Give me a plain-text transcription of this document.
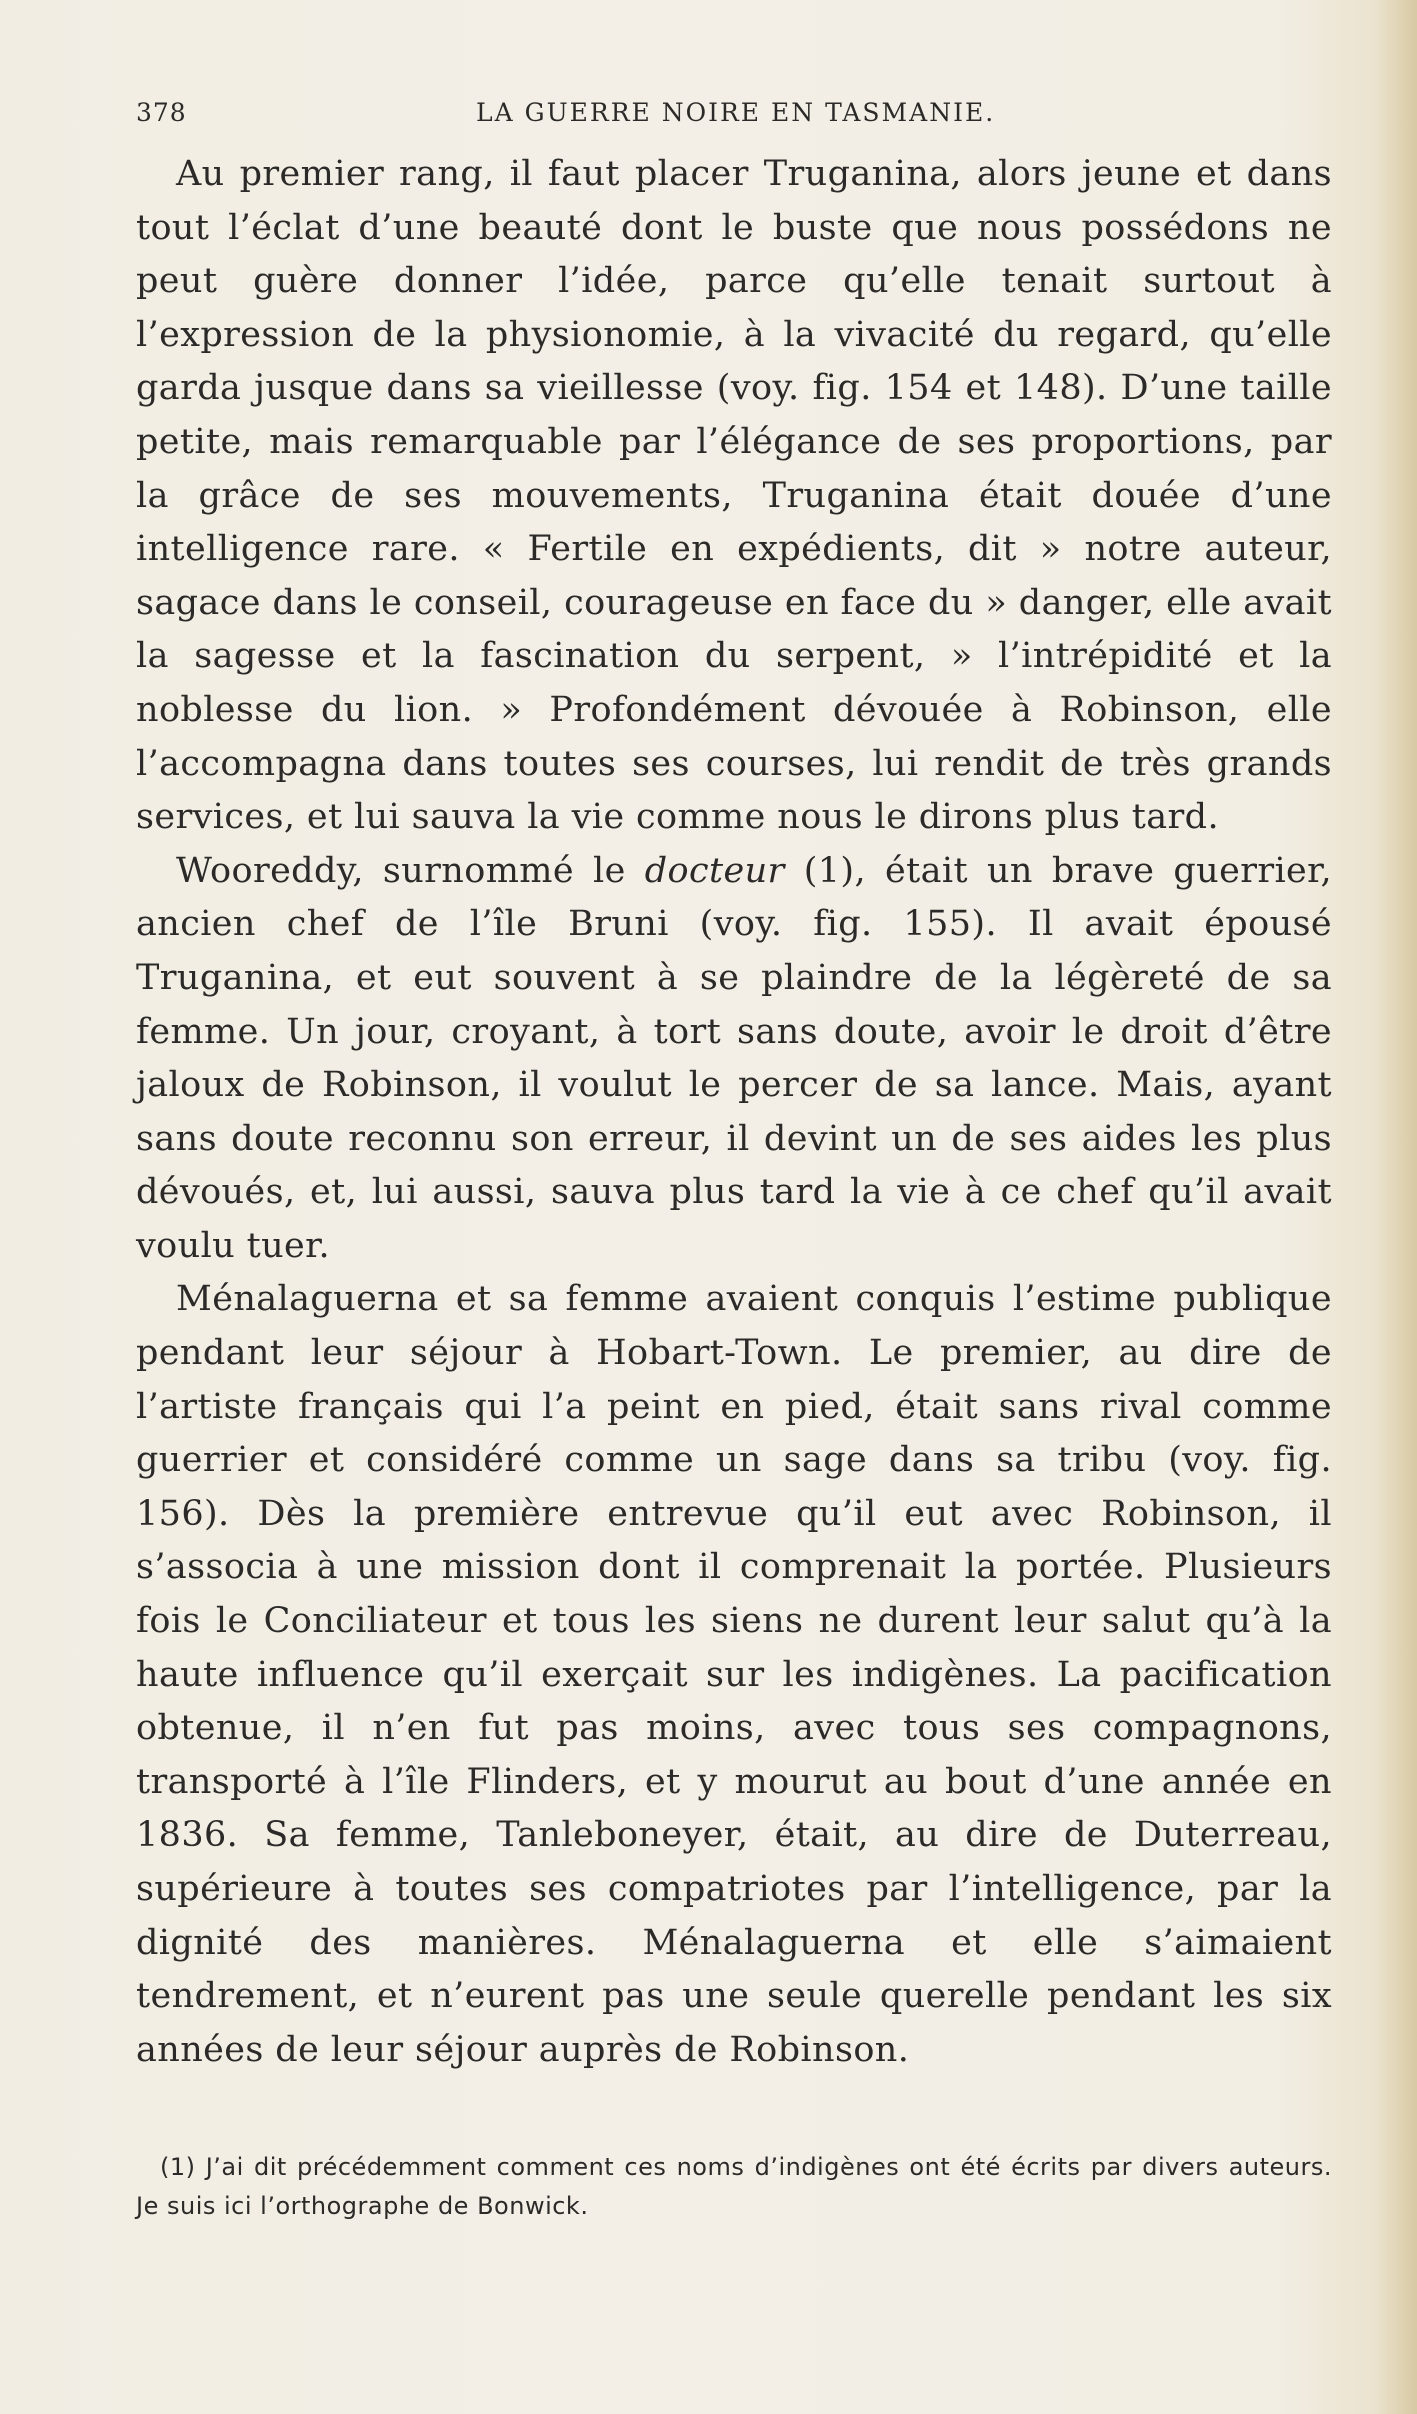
378	LA GUERRE NOIRE EN TASMANIE.

Au premier rang, il faut placer Truganina, alors jeune et dans tout l’éclat d’une beauté dont le buste que nous possédons ne peut guère donner l’idée, parce qu’elle tenait surtout à l’expression de la physionomie, à la vivacité du regard, qu’elle garda jusque dans sa vieillesse (voy. fig. 154 et 148). D’une taille petite, mais remarquable par l’élégance de ses proportions, par la grâce de ses mouvements, Truganina était douée d’une intelligence rare. « Fertile en expédients, dit » notre auteur, sagace dans le conseil, courageuse en face du » danger, elle avait la sagesse et la fascination du serpent, » l’intrépidité et la noblesse du lion. » Profondément dévouée à Robinson, elle l’accompagna dans toutes ses courses, lui rendit de très grands services, et lui sauva la vie comme nous le dirons plus tard.

Wooreddy, surnommé le docteur (1), était un brave guerrier, ancien chef de l’île Bruni (voy. fig. 155). Il avait épousé Truganina, et eut souvent à se plaindre de la légèreté de sa femme. Un jour, croyant, à tort sans doute, avoir le droit d’être jaloux de Robinson, il voulut le percer de sa lance. Mais, ayant sans doute reconnu son erreur, il devint un de ses aides les plus dévoués, et, lui aussi, sauva plus tard la vie à ce chef qu’il avait voulu tuer.

Ménalaguerna et sa femme avaient conquis l’estime publique pendant leur séjour à Hobart-Town. Le premier, au dire de l’artiste français qui l’a peint en pied, était sans rival comme guerrier et considéré comme un sage dans sa tribu (voy. fig. 156). Dès la première entrevue qu’il eut avec Robinson, il s’associa à une mission dont il comprenait la portée. Plusieurs fois le Conciliateur et tous les siens ne durent leur salut qu’à la haute influence qu’il exerçait sur les indigènes. La pacification obtenue, il n’en fut pas moins, avec tous ses compagnons, transporté à l’île Flinders, et y mourut au bout d’une année en 1836. Sa femme, Tanleboneyer, était, au dire de Duterreau, supérieure à toutes ses compatriotes par l’intelligence, par la dignité des manières. Ménalaguerna et elle s’aimaient tendrement, et n’eurent pas une seule querelle pendant les six années de leur séjour auprès de Robinson.

(1) J’ai dit précédemment comment ces noms d’indigènes ont été écrits par divers auteurs. Je suis ici l’orthographe de Bonwick.
